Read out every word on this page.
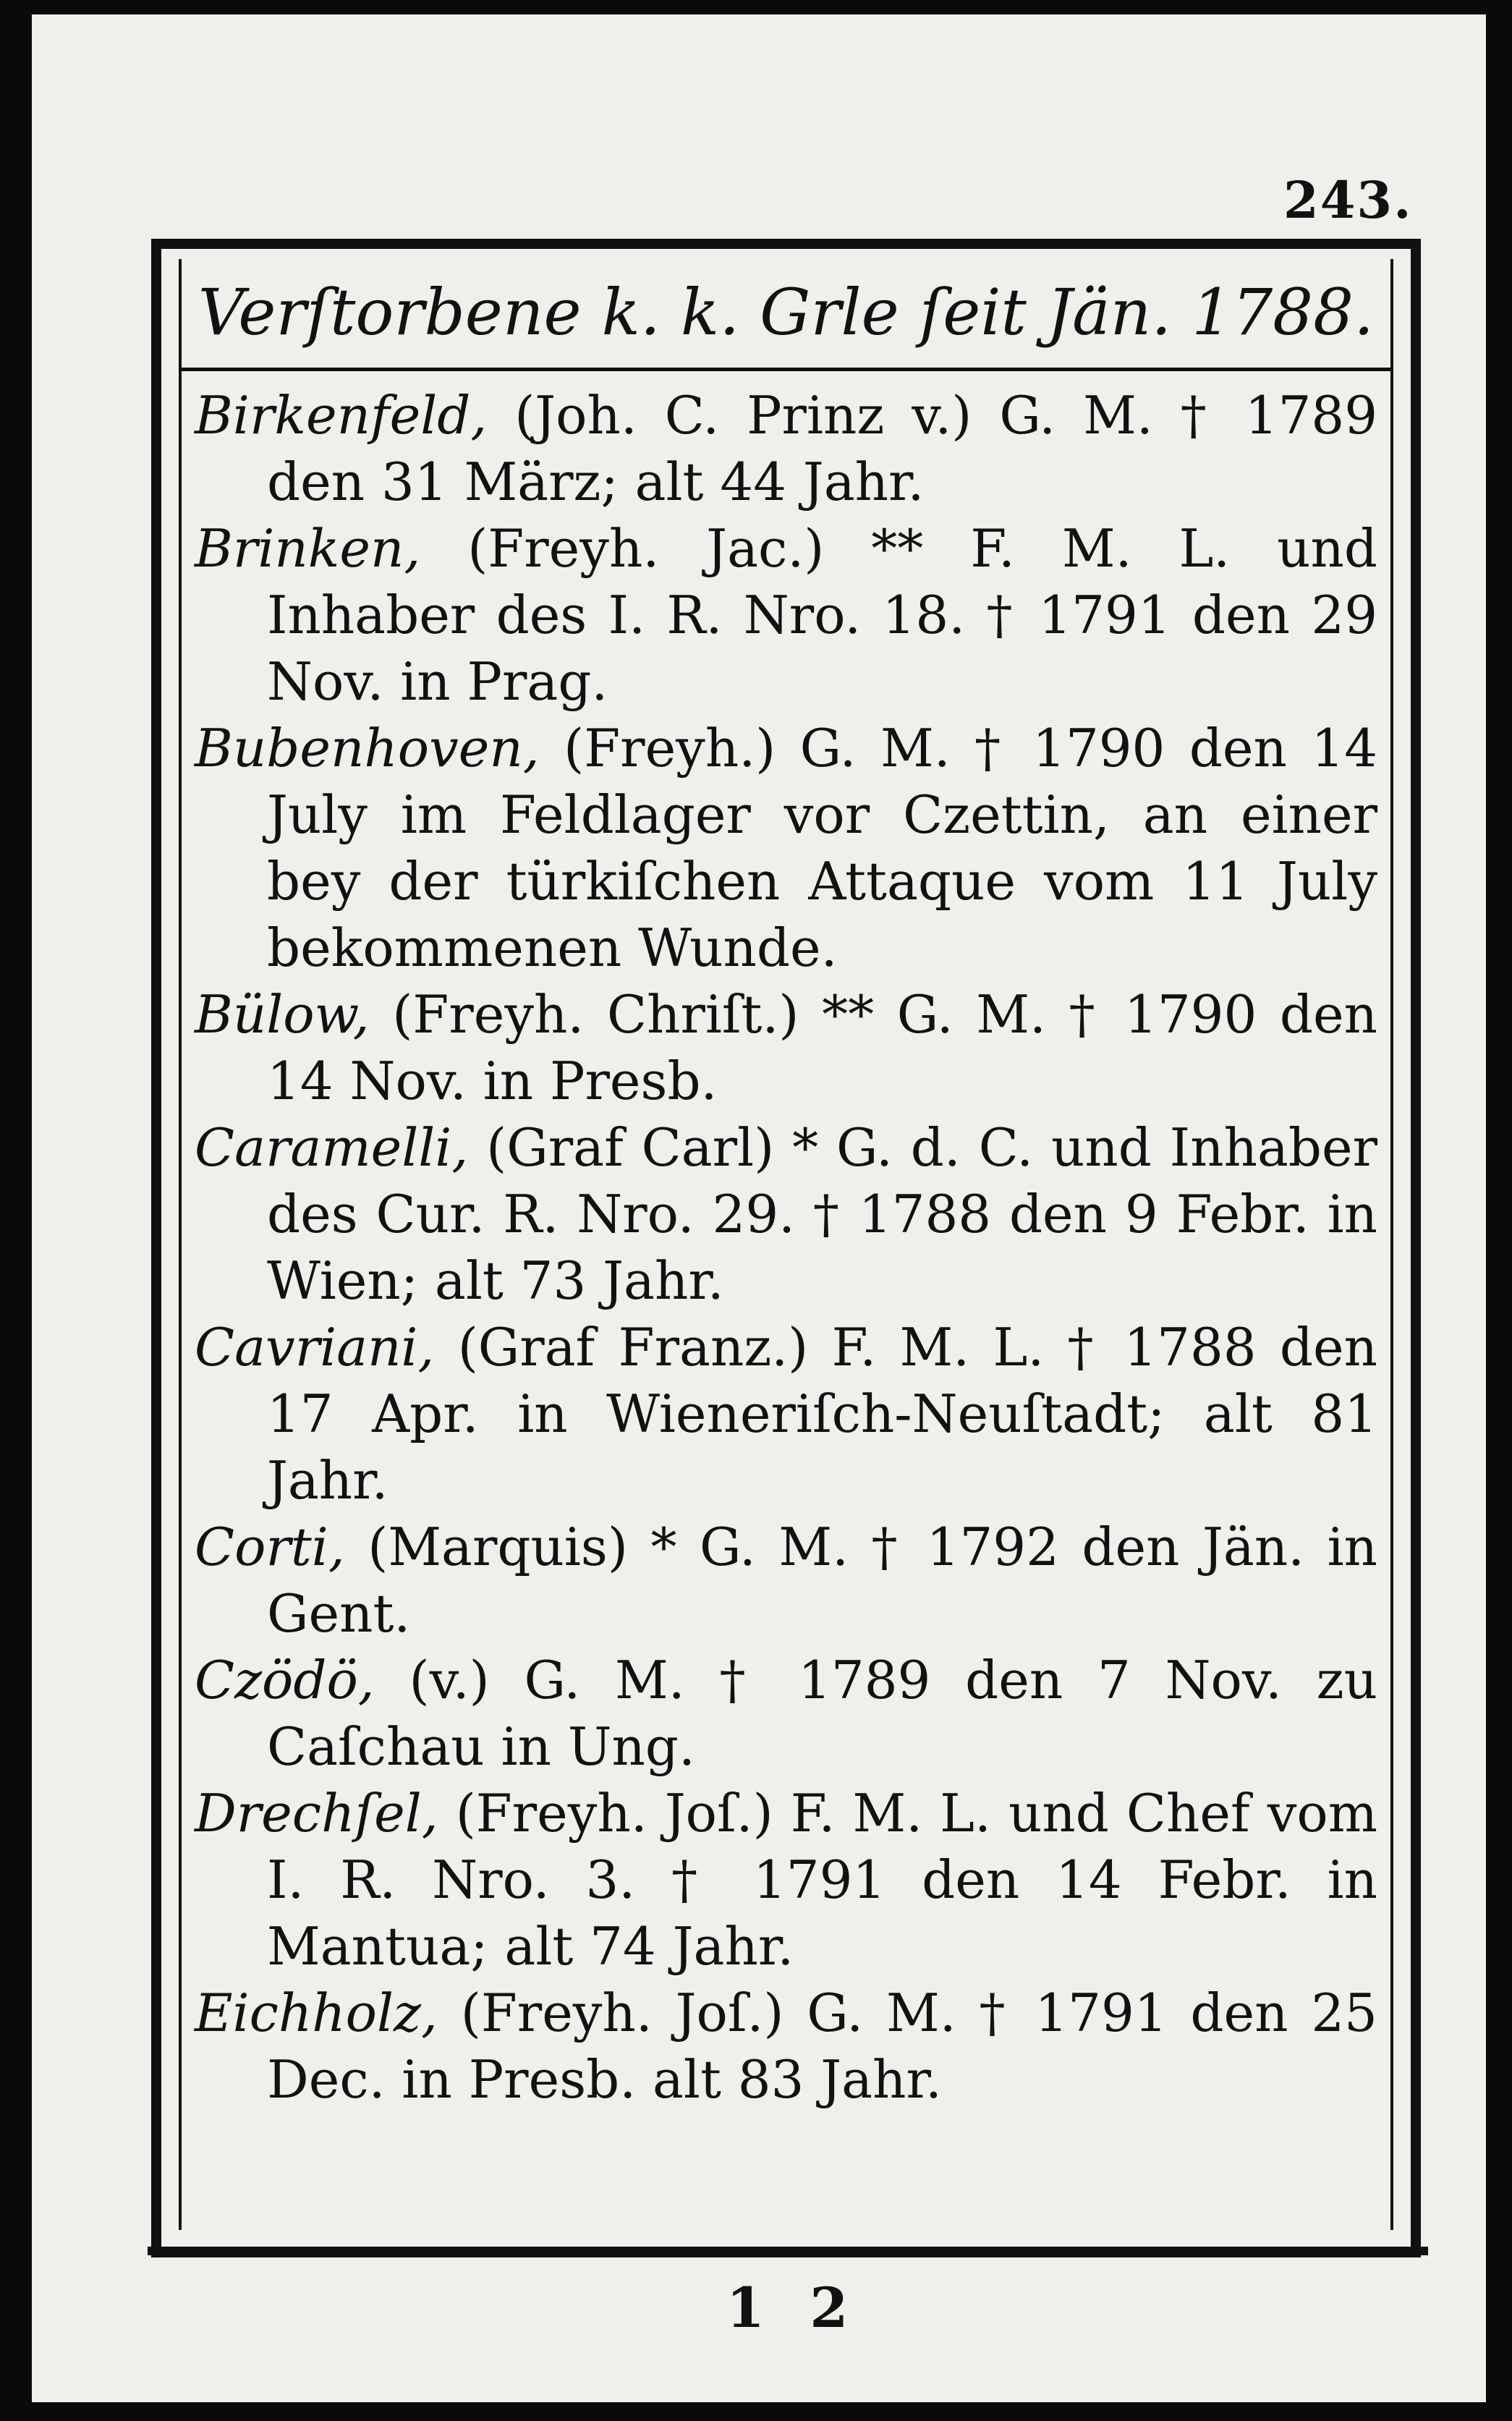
243.
Verſtorbene k. k. Grle ſeit Jän. 1788.
Birkenfeld, (Joh. C. Prinz v.) G. M. † 1789 den 31 März; alt 44 Jahr.
Brinken, (Freyh. Jac.) ** F. M. L. und Inhaber des I. R. Nro. 18. † 1791 den 29 Nov. in Prag.
Bubenhoven, (Freyh.) G. M. † 1790 den 14 July im Feldlager vor Czettin, an einer bey der türkiſchen Attaque vom 11 July bekommenen Wunde.
Bülow, (Freyh. Chriſt.) ** G. M. † 1790 den 14 Nov. in Presb.
Caramelli, (Graf Carl) * G. d. C. und Inhaber des Cur. R. Nro. 29. † 1788 den 9 Febr. in Wien; alt 73 Jahr.
Cavriani, (Graf Franz.) F. M. L. † 1788 den 17 Apr. in Wieneriſch-Neuſtadt; alt 81 Jahr.
Corti, (Marquis) * G. M. † 1792 den Jän. in Gent.
Czödö, (v.) G. M. † 1789 den 7 Nov. zu Caſchau in Ung.
Drechſel, (Freyh. Joſ.) F. M. L. und Chef vom I. R. Nro. 3. † 1791 den 14 Febr. in Mantua; alt 74 Jahr.
Eichholz, (Freyh. Joſ.) G. M. † 1791 den 25 Dec. in Presb. alt 83 Jahr.
1 2
